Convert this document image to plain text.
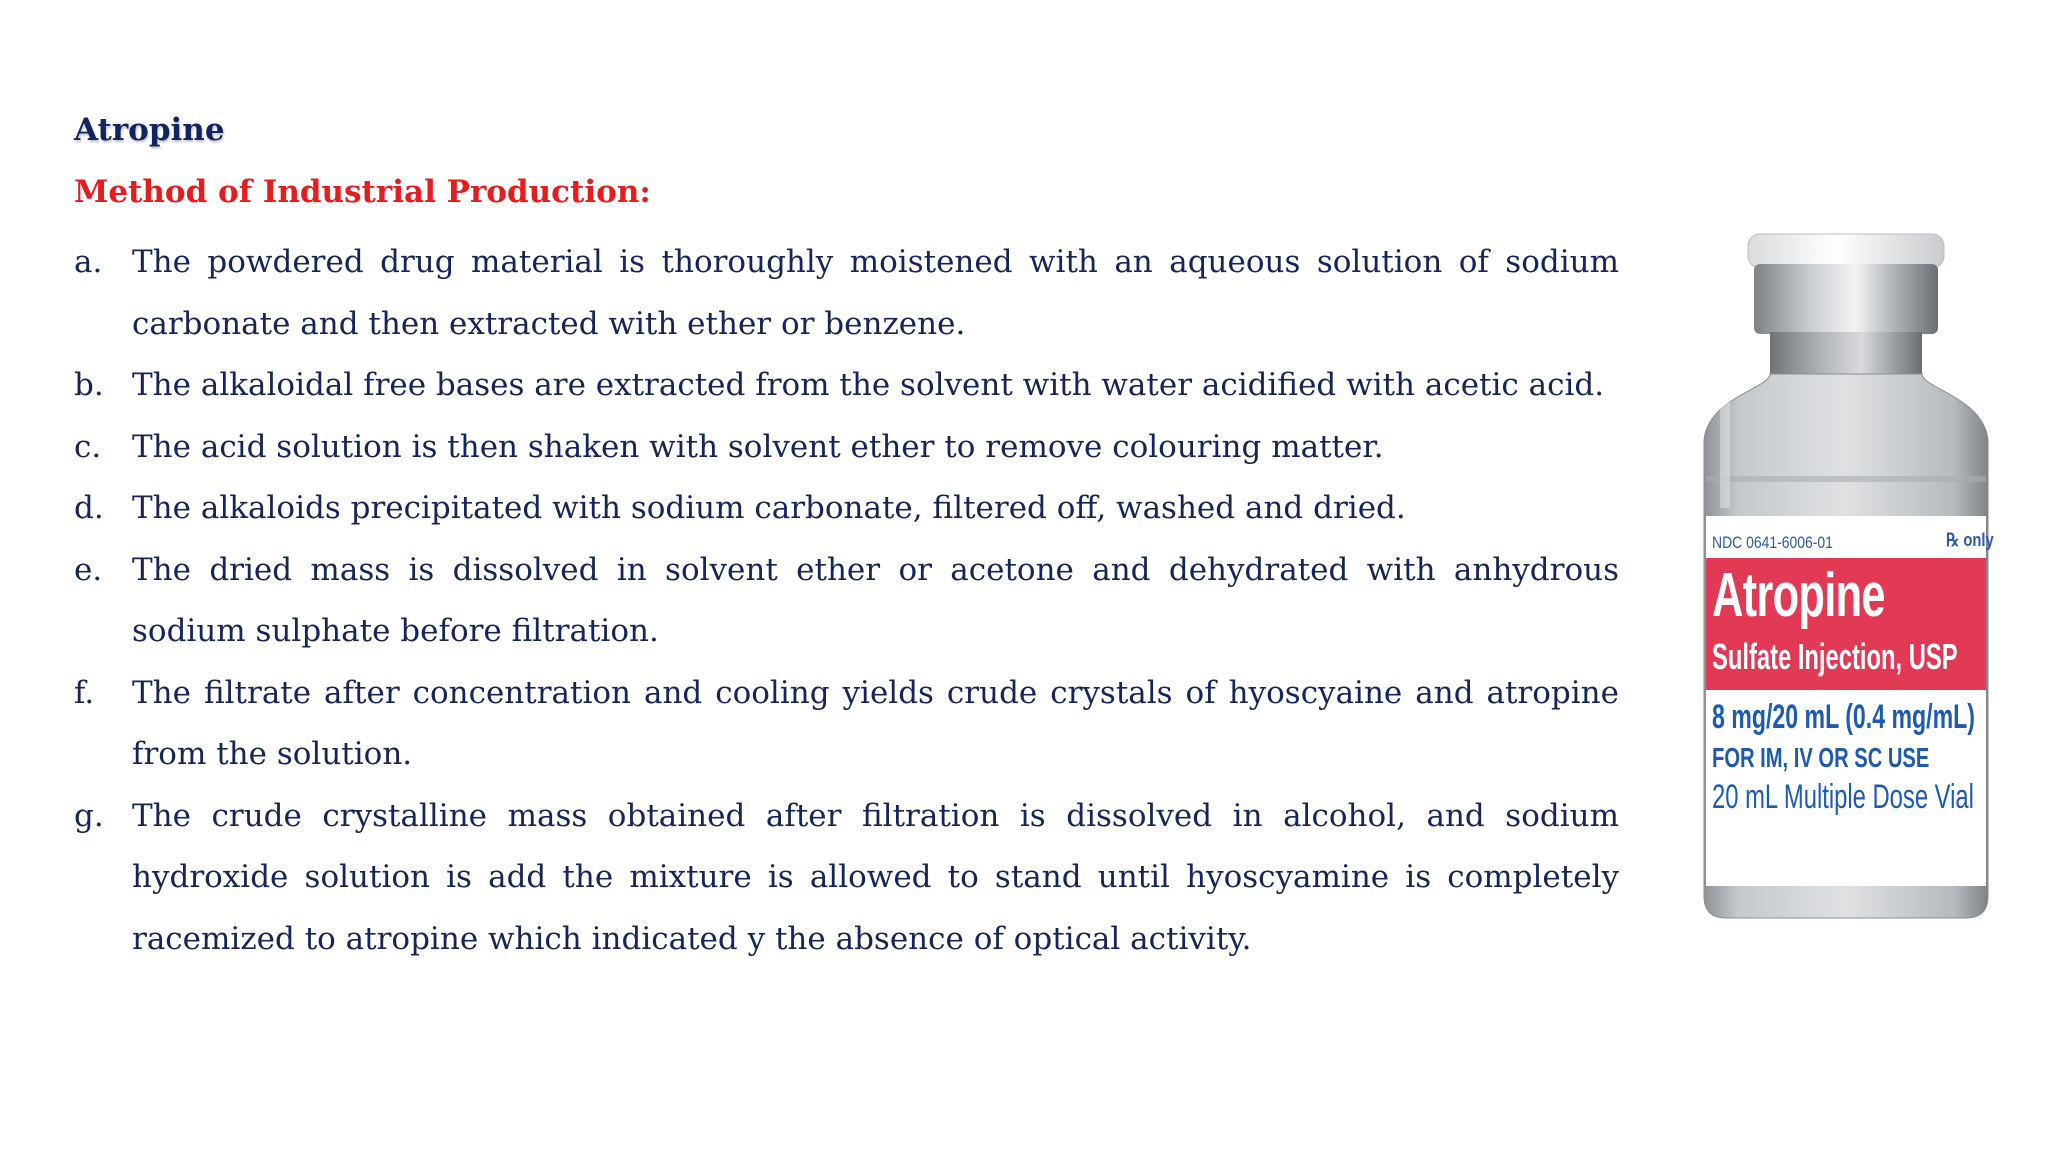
Atropine
Method of Industrial Production:
a. The powdered drug material is thoroughly moistened with an aqueous solution of sodium carbonate and then extracted with ether or benzene.
b. The alkaloidal free bases are extracted from the solvent with water acidified with acetic acid.
c. The acid solution is then shaken with solvent ether to remove colouring matter.
d. The alkaloids precipitated with sodium carbonate, filtered off, washed and dried.
e. The dried mass is dissolved in solvent ether or acetone and dehydrated with anhydrous sodium sulphate before filtration.
f.	The filtrate after concentration and cooling yields crude crystals of hyoscyaine and atropine from the solution.
g. The crude crystalline mass obtained after filtration is dissolved in alcohol, and sodium hydroxide solution is add the mixture is allowed to stand until hyoscyamine is completely racemized to atropine which indicated y the absence of optical activity.
NDC 0641-6006-01	℞ only
Atropine
Sulfate Injection, USP
8 mg/20 mL (0.4 mg/mL)
FOR IM, IV OR SC USE
20 mL Multiple Dose Vial
